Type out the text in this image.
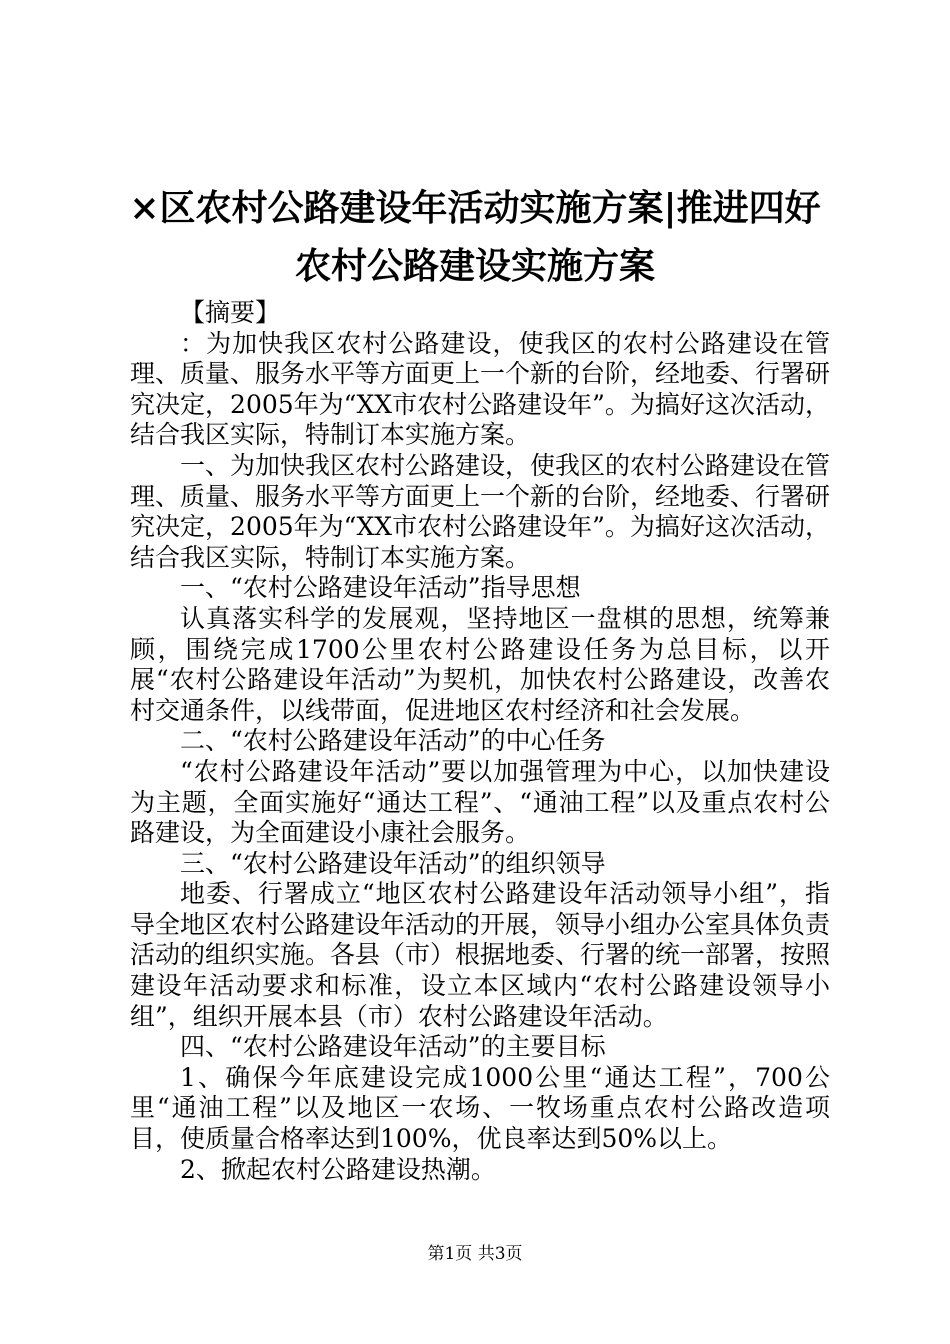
×区农村公路建设年活动实施方案|推进四好
农村公路建设实施方案

【摘要】

：为加快我区农村公路建设，使我区的农村公路建设在管理、质量、服务水平等方面更上一个新的台阶，经地委、行署研究决定，2005年为“XX市农村公路建设年”。为搞好这次活动，结合我区实际，特制订本实施方案。

一、为加快我区农村公路建设，使我区的农村公路建设在管理、质量、服务水平等方面更上一个新的台阶，经地委、行署研究决定，2005年为“XX市农村公路建设年”。为搞好这次活动，结合我区实际，特制订本实施方案。

一、“农村公路建设年活动”指导思想

认真落实科学的发展观，坚持地区一盘棋的思想，统筹兼顾，围绕完成1700公里农村公路建设任务为总目标，以开展“农村公路建设年活动”为契机，加快农村公路建设，改善农村交通条件，以线带面，促进地区农村经济和社会发展。

二、“农村公路建设年活动”的中心任务

“农村公路建设年活动”要以加强管理为中心，以加快建设为主题，全面实施好“通达工程”、“通油工程”以及重点农村公路建设，为全面建设小康社会服务。

三、“农村公路建设年活动”的组织领导

地委、行署成立“地区农村公路建设年活动领导小组”，指导全地区农村公路建设年活动的开展，领导小组办公室具体负责活动的组织实施。各县（市）根据地委、行署的统一部署，按照建设年活动要求和标准，设立本区域内“农村公路建设领导小组”，组织开展本县（市）农村公路建设年活动。

四、“农村公路建设年活动”的主要目标

1、确保今年底建设完成1000公里“通达工程”，700公里“通油工程”以及地区一农场、一牧场重点农村公路改造项目，使质量合格率达到100%，优良率达到50%以上。

2、掀起农村公路建设热潮。

第1页 共3页
